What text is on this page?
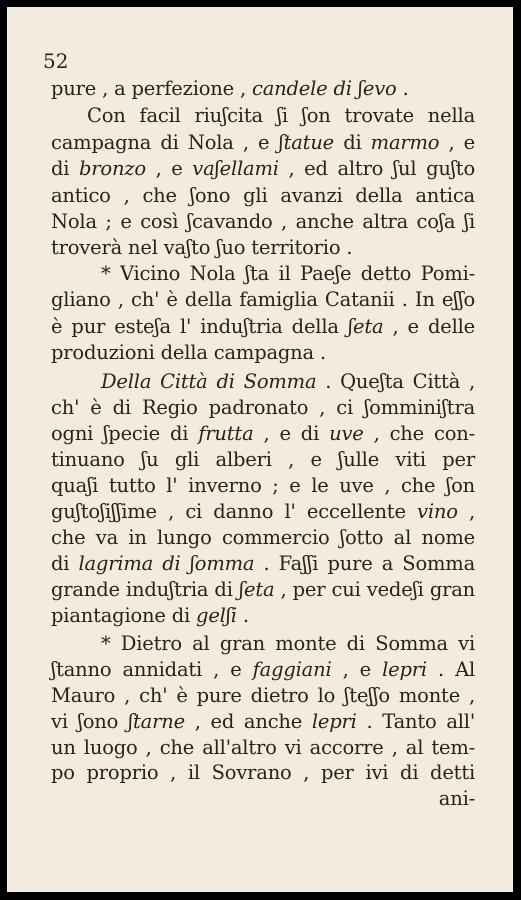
52
pure , a perfezione , candele di ʃevo .
Con facil riuʃcita ʃi ʃon trovate nella
campagna di Nola , e ʃtatue di marmo , e
di bronzo , e vaʃellami , ed altro ʃul guʃto
antico , che ʃono gli avanzi della antica
Nola ; e così ʃcavando , anche altra coʃa ʃi
troverà nel vaʃto ʃuo territorio .
* Vicino Nola ʃta il Paeʃe detto Pomi-
gliano , ch' è della famiglia Catanii . In eʃʃo
è pur esteʃa l' induʃtria della ʃeta , e delle
produzioni della campagna .
Della Città di Somma . Queʃta Città ,
ch' è di Regio padronato , ci ʃomminiʃtra
ogni ʃpecie di frutta , e di uve , che con-
tinuano ʃu gli alberi , e ʃulle viti per
quaʃi tutto l' inverno ; e le uve , che ʃon
guʃtoʃiʃʃime , ci danno l' eccellente vino ,
che va in lungo commercio ʃotto al nome
di lagrima di ʃomma . Faʃʃi pure a Somma
grande induʃtria di ʃeta , per cui vedeʃi gran
piantagione di gelʃi .
* Dietro al gran monte di Somma vi
ʃtanno annidati , e faggiani , e lepri . Al
Mauro , ch' è pure dietro lo ʃteʃʃo monte ,
vi ʃono ʃtarne , ed anche lepri . Tanto all'
un luogo , che all'altro vi accorre , al tem-
po proprio , il Sovrano , per ivi di detti
ani-
